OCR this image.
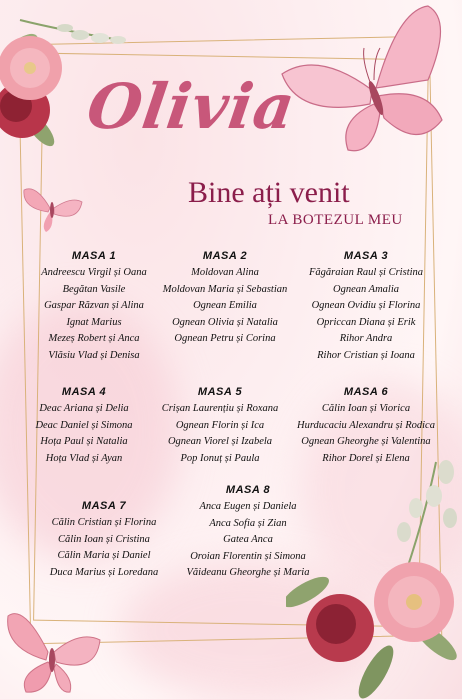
Olivia
Bine ați venit
LA BOTEZUL MEU
MASA 1
Andreescu Virgil și Oana
Begătan Vasile
Gaspar Răzvan și Alina
Ignat Marius
Mezeș Robert și Anca
Vlăsiu Vlad și Denisa
MASA 2
Moldovan Alina
Moldovan Maria și Sebastian
Ognean Emilia
Ognean Olivia și Natalia
Ognean Petru și Corina
MASA 3
Făgăraian Raul și Cristina
Ognean Amalia
Ognean Ovidiu și Florina
Opriccan Diana și Erik
Rihor Andra
Rihor Cristian și Ioana
MASA 4
Deac Ariana și Delia
Deac Daniel și Simona
Hoța Paul și Natalia
Hoța Vlad și Ayan
MASA 5
Crișan Laurențiu și Roxana
Ognean Florin și Ica
Ognean Viorel și Izabela
Pop Ionuț și Paula
MASA 6
Călin Ioan și Viorica
Hurducaciu Alexandru și Rodica
Ognean Gheorghe și Valentina
Rihor Dorel și Elena
MASA 7
Călin Cristian și Florina
Călin Ioan și Cristina
Călin Maria și Daniel
Duca Marius și Loredana
MASA 8
Anca Eugen și Daniela
Anca Sofia și Zian
Gatea Anca
Oroian Florentin și Simona
Văideanu Gheorghe și Maria
